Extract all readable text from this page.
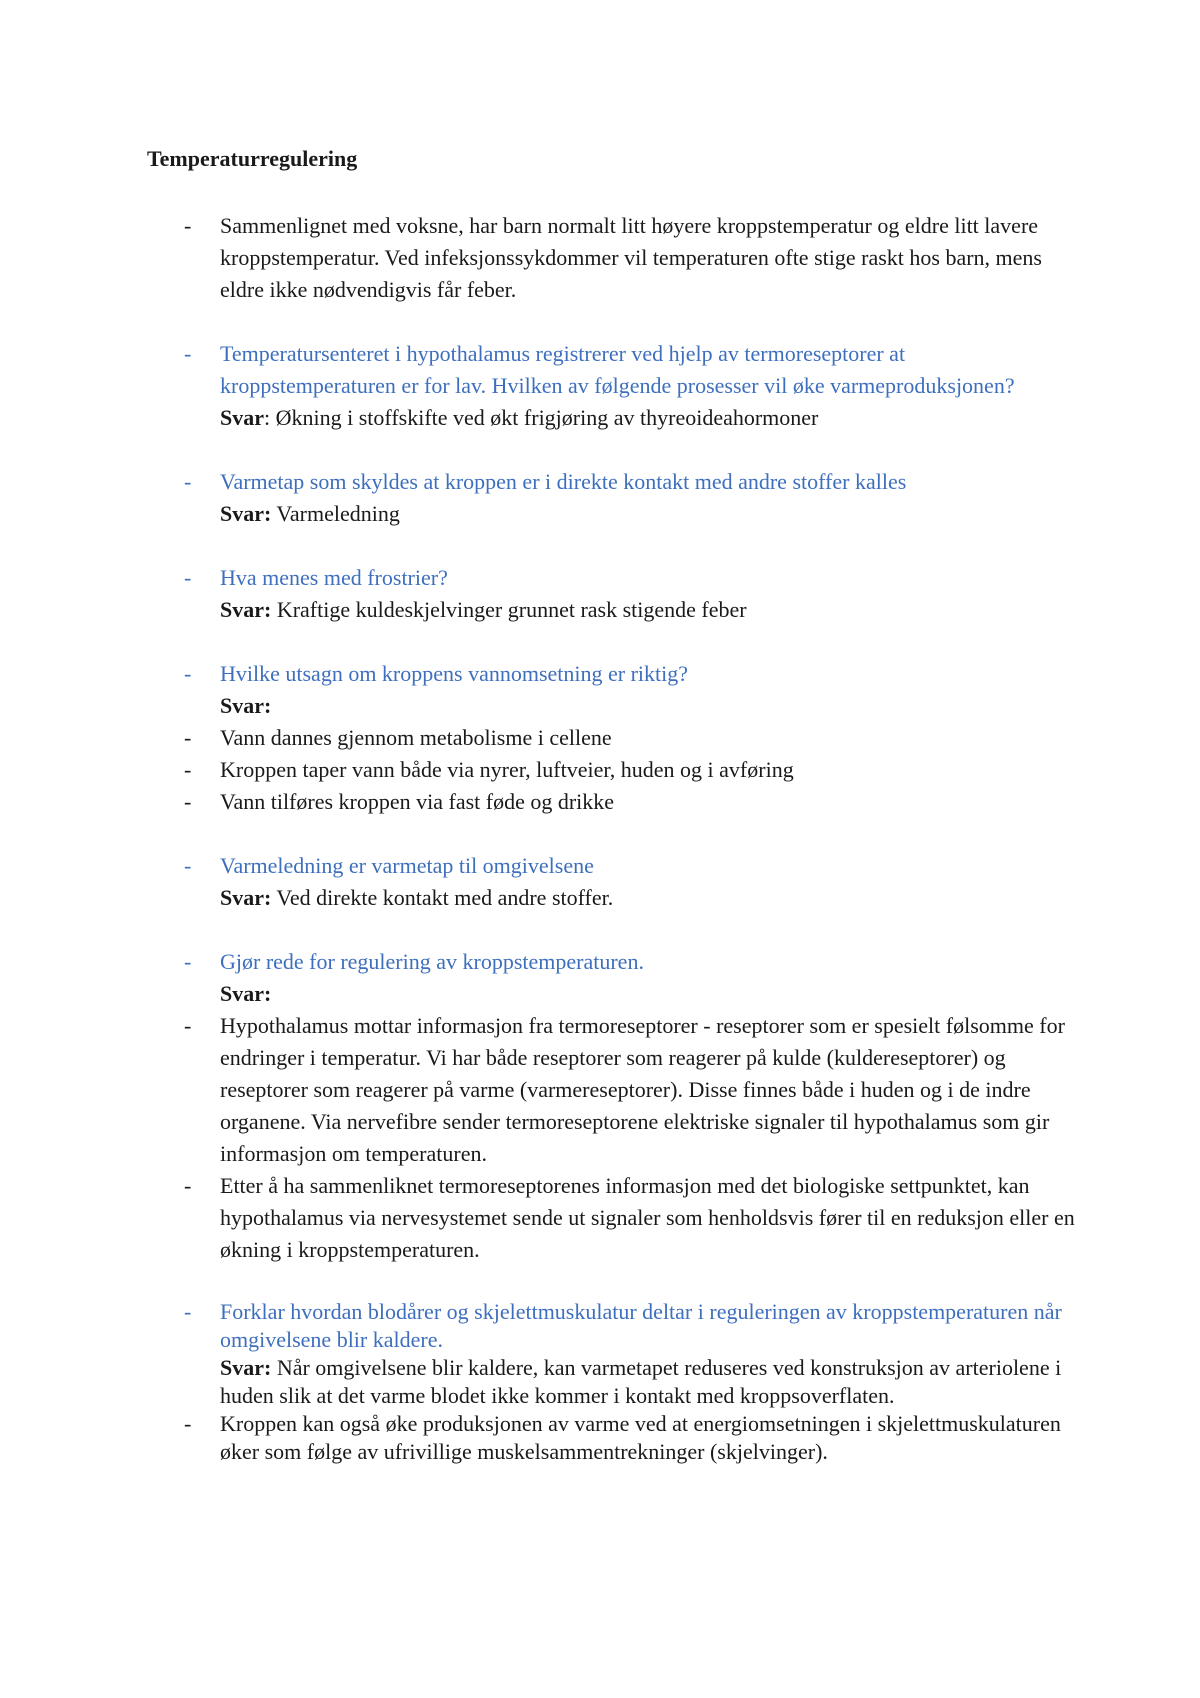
Temperaturregulering
- Sammenlignet med voksne, har barn normalt litt høyere kroppstemperatur og eldre litt lavere kroppstemperatur. Ved infeksjonssykdommer vil temperaturen ofte stige raskt hos barn, mens eldre ikke nødvendigvis får feber.
- Temperatursenteret i hypothalamus registrerer ved hjelp av termoreseptorer at kroppstemperaturen er for lav. Hvilken av følgende prosesser vil øke varmeproduksjonen?
Svar: Økning i stoffskifte ved økt frigjøring av thyreoideahormoner
- Varmetap som skyldes at kroppen er i direkte kontakt med andre stoffer kalles
Svar: Varmeledning
- Hva menes med frostrier?
Svar: Kraftige kuldeskjelvinger grunnet rask stigende feber
- Hvilke utsagn om kroppens vannomsetning er riktig?
Svar:
- Vann dannes gjennom metabolisme i cellene
- Kroppen taper vann både via nyrer, luftveier, huden og i avføring
- Vann tilføres kroppen via fast føde og drikke
- Varmeledning er varmetap til omgivelsene
Svar: Ved direkte kontakt med andre stoffer.
- Gjør rede for regulering av kroppstemperaturen.
Svar:
- Hypothalamus mottar informasjon fra termoreseptorer - reseptorer som er spesielt følsomme for endringer i temperatur. Vi har både reseptorer som reagerer på kulde (kuldereseptorer) og reseptorer som reagerer på varme (varmereseptorer). Disse finnes både i huden og i de indre organene. Via nervefibre sender termoreseptorene elektriske signaler til hypothalamus som gir informasjon om temperaturen.
- Etter å ha sammenliknet termoreseptorenes informasjon med det biologiske settpunktet, kan hypothalamus via nervesystemet sende ut signaler som henholdsvis fører til en reduksjon eller en økning i kroppstemperaturen.
- Forklar hvordan blodårer og skjelettmuskulatur deltar i reguleringen av kroppstemperaturen når omgivelsene blir kaldere.
Svar: Når omgivelsene blir kaldere, kan varmetapet reduseres ved konstruksjon av arteriolene i huden slik at det varme blodet ikke kommer i kontakt med kroppsoverflaten.
- Kroppen kan også øke produksjonen av varme ved at energiomsetningen i skjelettmuskulaturen øker som følge av ufrivillige muskelsammentrekninger (skjelvinger).
